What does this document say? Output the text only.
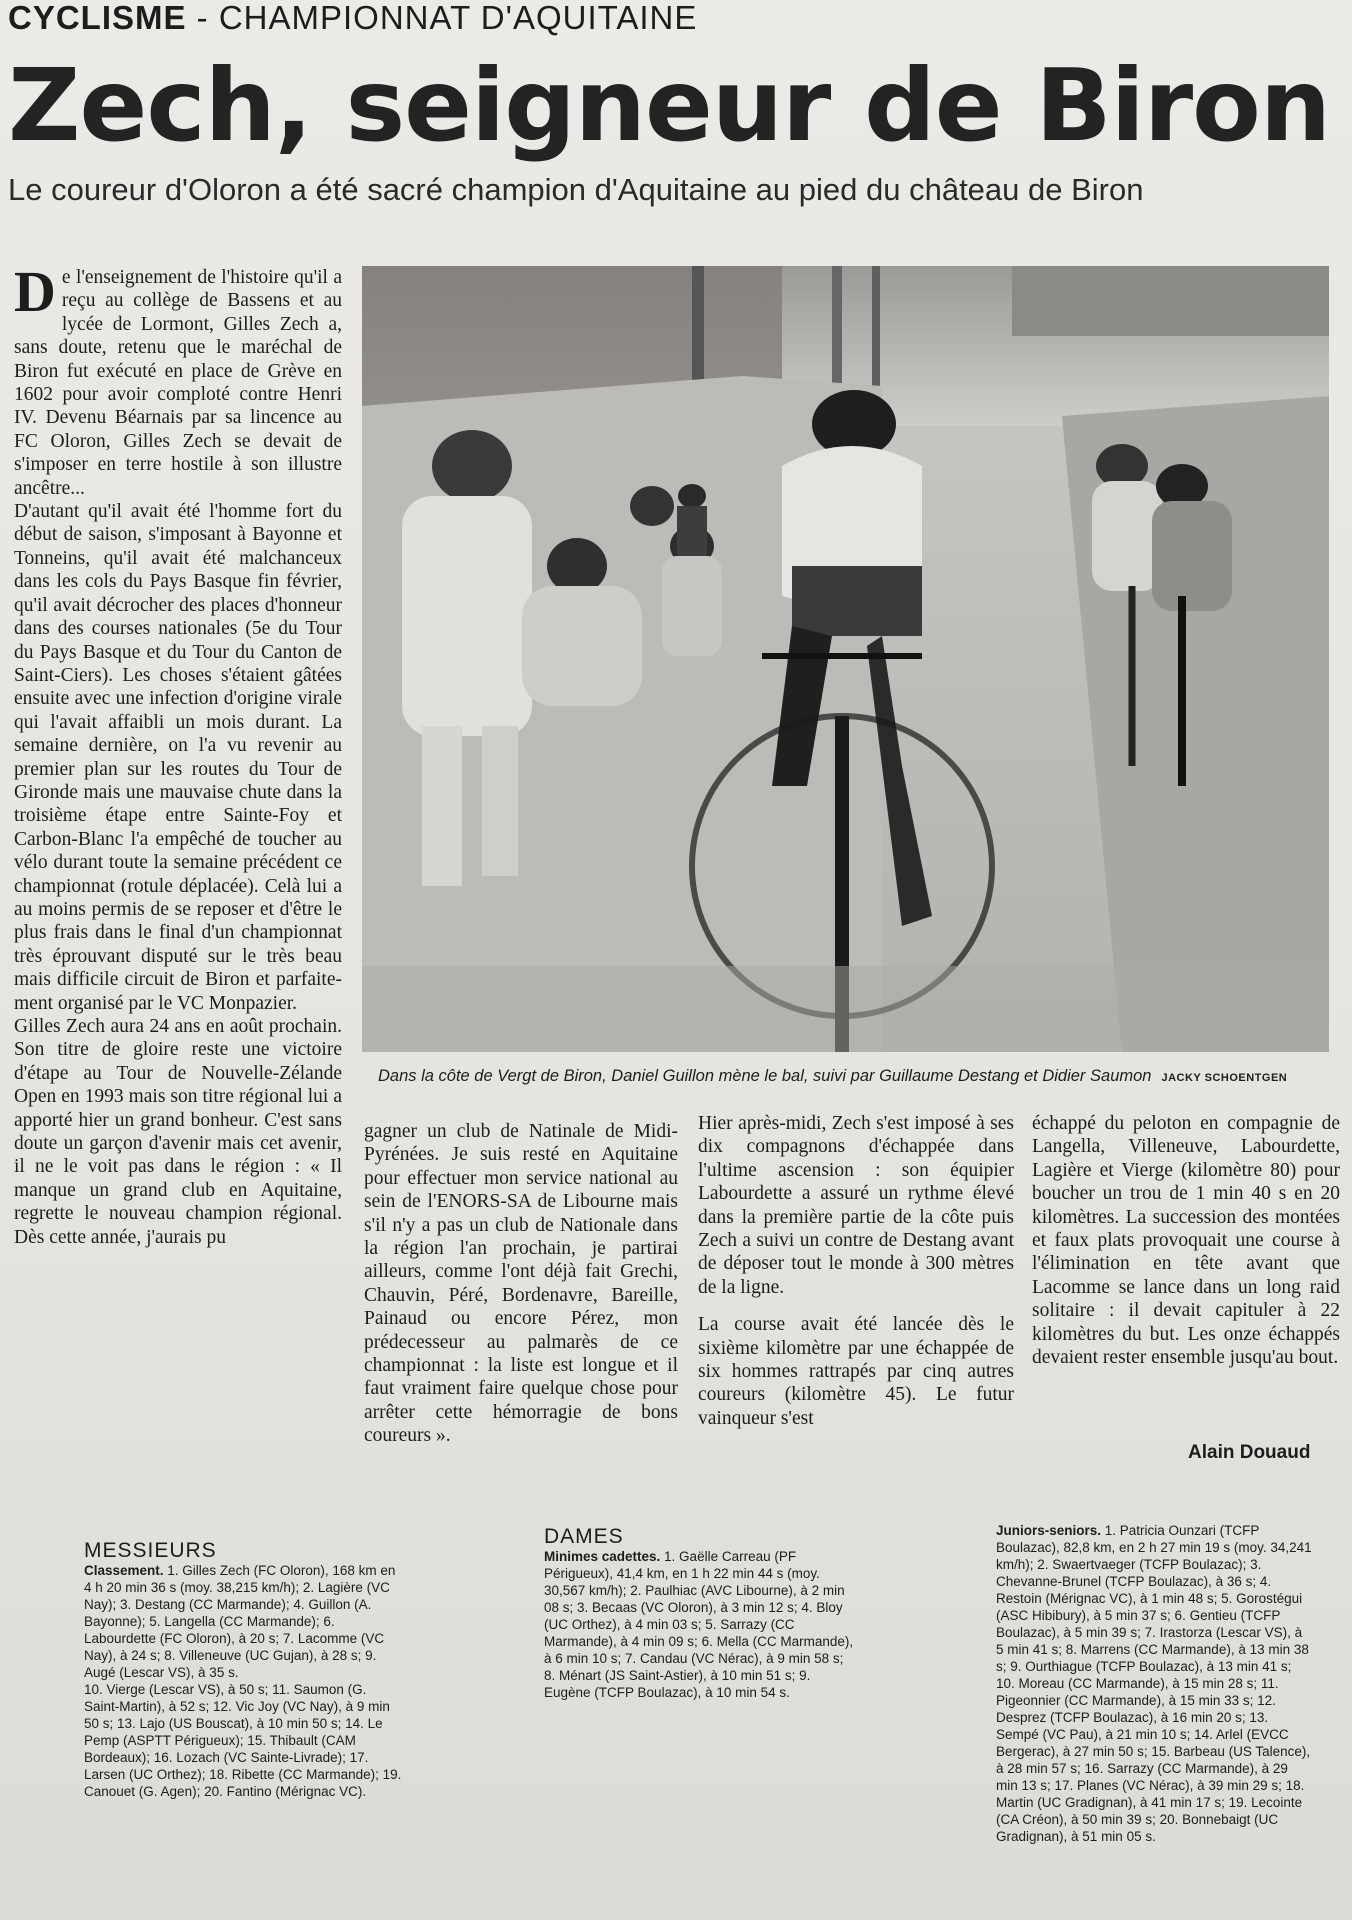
CYCLISME - CHAMPIONNAT D'AQUITAINE
Zech, seigneur de Biron
Le coureur d'Oloron a été sacré champion d'Aquitaine au pied du château de Biron

De l'enseignement de l'histoire qu'il a reçu au collège de Bassens et au lycée de Lormont, Gilles Zech a, sans doute, retenu que le maréchal de Biron fut exécuté en place de Grève en 1602 pour avoir comploté contre Henri IV. Devenu Béarnais par sa lincence au FC Oloron, Gilles Zech se devait de s'imposer en terre hostile à son illustre ancêtre...

D'autant qu'il avait été l'homme fort du début de saison, s'imposant à Bayonne et Tonneins, qu'il avait été malchanceux dans les cols du Pays Basque fin février, qu'il avait décrocher des places d'honneur dans des courses nationales (5e du Tour du Pays Basque et du Tour du Canton de Saint-Ciers). Les choses s'étaient gâtées ensuite avec une infection d'origine virale qui l'avait affaibli un mois durant. La semaine dernière, on l'a vu revenir au premier plan sur les routes du Tour de Gironde mais une mauvaise chute dans la troisième étape entre Sainte-Foy et Carbon-Blanc l'a empêché de toucher au vélo durant toute la semaine précédent ce championnat (rotule déplacée). Celà lui a au moins permis de se reposer et d'être le plus frais dans le final d'un championnat très éprouvant disputé sur le très beau mais difficile circuit de Biron et parfaite-ment organisé par le VC Monpazier.

Gilles Zech aura 24 ans en août prochain. Son titre de gloire reste une victoire d'étape au Tour de Nouvelle-Zélande Open en 1993 mais son titre régional lui a apporté hier un grand bonheur. C'est sans doute un garçon d'avenir mais cet avenir, il ne le voit pas dans le région : « Il manque un grand club en Aquitaine, regrette le nouveau champion régional. Dès cette année, j'aurais pu

Dans la côte de Vergt de Biron, Daniel Guillon mène le bal, suivi par Guillaume Destang et Didier Saumon JACKY SCHOENTGEN

gagner un club de Natinale de Midi-Pyrénées. Je suis resté en Aquitaine pour effectuer mon service national au sein de l'ENORS-SA de Libourne mais s'il n'y a pas un club de Nationale dans la région l'an prochain, je partirai ailleurs, comme l'ont déjà fait Grechi, Chauvin, Péré, Bordenavre, Bareille, Painaud ou encore Pérez, mon prédecesseur au palmarès de ce championnat : la liste est longue et il faut vraiment faire quelque chose pour arrêter cette hémorragie de bons coureurs ».

Hier après-midi, Zech s'est imposé à ses dix compagnons d'échappée dans l'ultime ascension : son équipier Labourdette a assuré un rythme élevé dans la première partie de la côte puis Zech a suivi un contre de Destang avant de déposer tout le monde à 300 mètres de la ligne.

La course avait été lancée dès le sixième kilomètre par une échappée de six hommes rattrapés par cinq autres coureurs (kilomètre 45). Le futur vainqueur s'est

échappé du peloton en compagnie de Langella, Villeneuve, Labourdette, Lagière et Vierge (kilomètre 80) pour boucher un trou de 1 min 40 s en 20 kilomètres. La succession des montées et faux plats provoquait une course à l'élimination en tête avant que Lacomme se lance dans un long raid solitaire : il devait capituler à 22 kilomètres du but. Les onze échappés devaient rester ensemble jusqu'au bout.

Alain Douaud
MESSIEURS

Classement. 1. Gilles Zech (FC Oloron), 168 km en 4 h 20 min 36 s (moy. 38,215 km/h); 2. Lagière (VC Nay); 3. Destang (CC Marmande); 4. Guillon (A. Bayonne); 5. Langella (CC Marmande); 6. Labourdette (FC Oloron), à 20 s; 7. Lacomme (VC Nay), à 24 s; 8. Villeneuve (UC Gujan), à 28 s; 9. Augé (Lescar VS), à 35 s.

10. Vierge (Lescar VS), à 50 s; 11. Saumon (G. Saint-Martin), à 52 s; 12. Vic Joy (VC Nay), à 9 min 50 s; 13. Lajo (US Bouscat), à 10 min 50 s; 14. Le Pemp (ASPTT Périgueux); 15. Thibault (CAM Bordeaux); 16. Lozach (VC Sainte-Livrade); 17. Larsen (UC Orthez); 18. Ribette (CC Marmande); 19. Canouet (G. Agen); 20. Fantino (Mérignac VC).

DAMES

Minimes cadettes. 1. Gaëlle Carreau (PF Périgueux), 41,4 km, en 1 h 22 min 44 s (moy. 30,567 km/h); 2. Paulhiac (AVC Libourne), à 2 min 08 s; 3. Becaas (VC Oloron), à 3 min 12 s; 4. Bloy (UC Orthez), à 4 min 03 s; 5. Sarrazy (CC Marmande), à 4 min 09 s; 6. Mella (CC Marmande), à 6 min 10 s; 7. Candau (VC Nérac), à 9 min 58 s; 8. Ménart (JS Saint-Astier), à 10 min 51 s; 9. Eugène (TCFP Boulazac), à 10 min 54 s.

Juniors-seniors. 1. Patricia Ounzari (TCFP Boulazac), 82,8 km, en 2 h 27 min 19 s (moy. 34,241 km/h); 2. Swaertvaeger (TCFP Boulazac); 3. Chevanne-Brunel (TCFP Boulazac), à 36 s; 4. Restoin (Mérignac VC), à 1 min 48 s; 5. Gorostégui (ASC Hibibury), à 5 min 37 s; 6. Gentieu (TCFP Boulazac), à 5 min 39 s; 7. Irastorza (Lescar VS), à 5 min 41 s; 8. Marrens (CC Marmande), à 13 min 38 s; 9. Ourthiague (TCFP Boulazac), à 13 min 41 s; 10. Moreau (CC Marmande), à 15 min 28 s; 11. Pigeonnier (CC Marmande), à 15 min 33 s; 12. Desprez (TCFP Boulazac), à 16 min 20 s; 13. Sempé (VC Pau), à 21 min 10 s; 14. Arlel (EVCC Bergerac), à 27 min 50 s; 15. Barbeau (US Talence), à 28 min 57 s; 16. Sarrazy (CC Marmande), à 29 min 13 s; 17. Planes (VC Nérac), à 39 min 29 s; 18. Martin (UC Gradignan), à 41 min 17 s; 19. Lecointe (CA Créon), à 50 min 39 s; 20. Bonnebaigt (UC Gradignan), à 51 min 05 s.
